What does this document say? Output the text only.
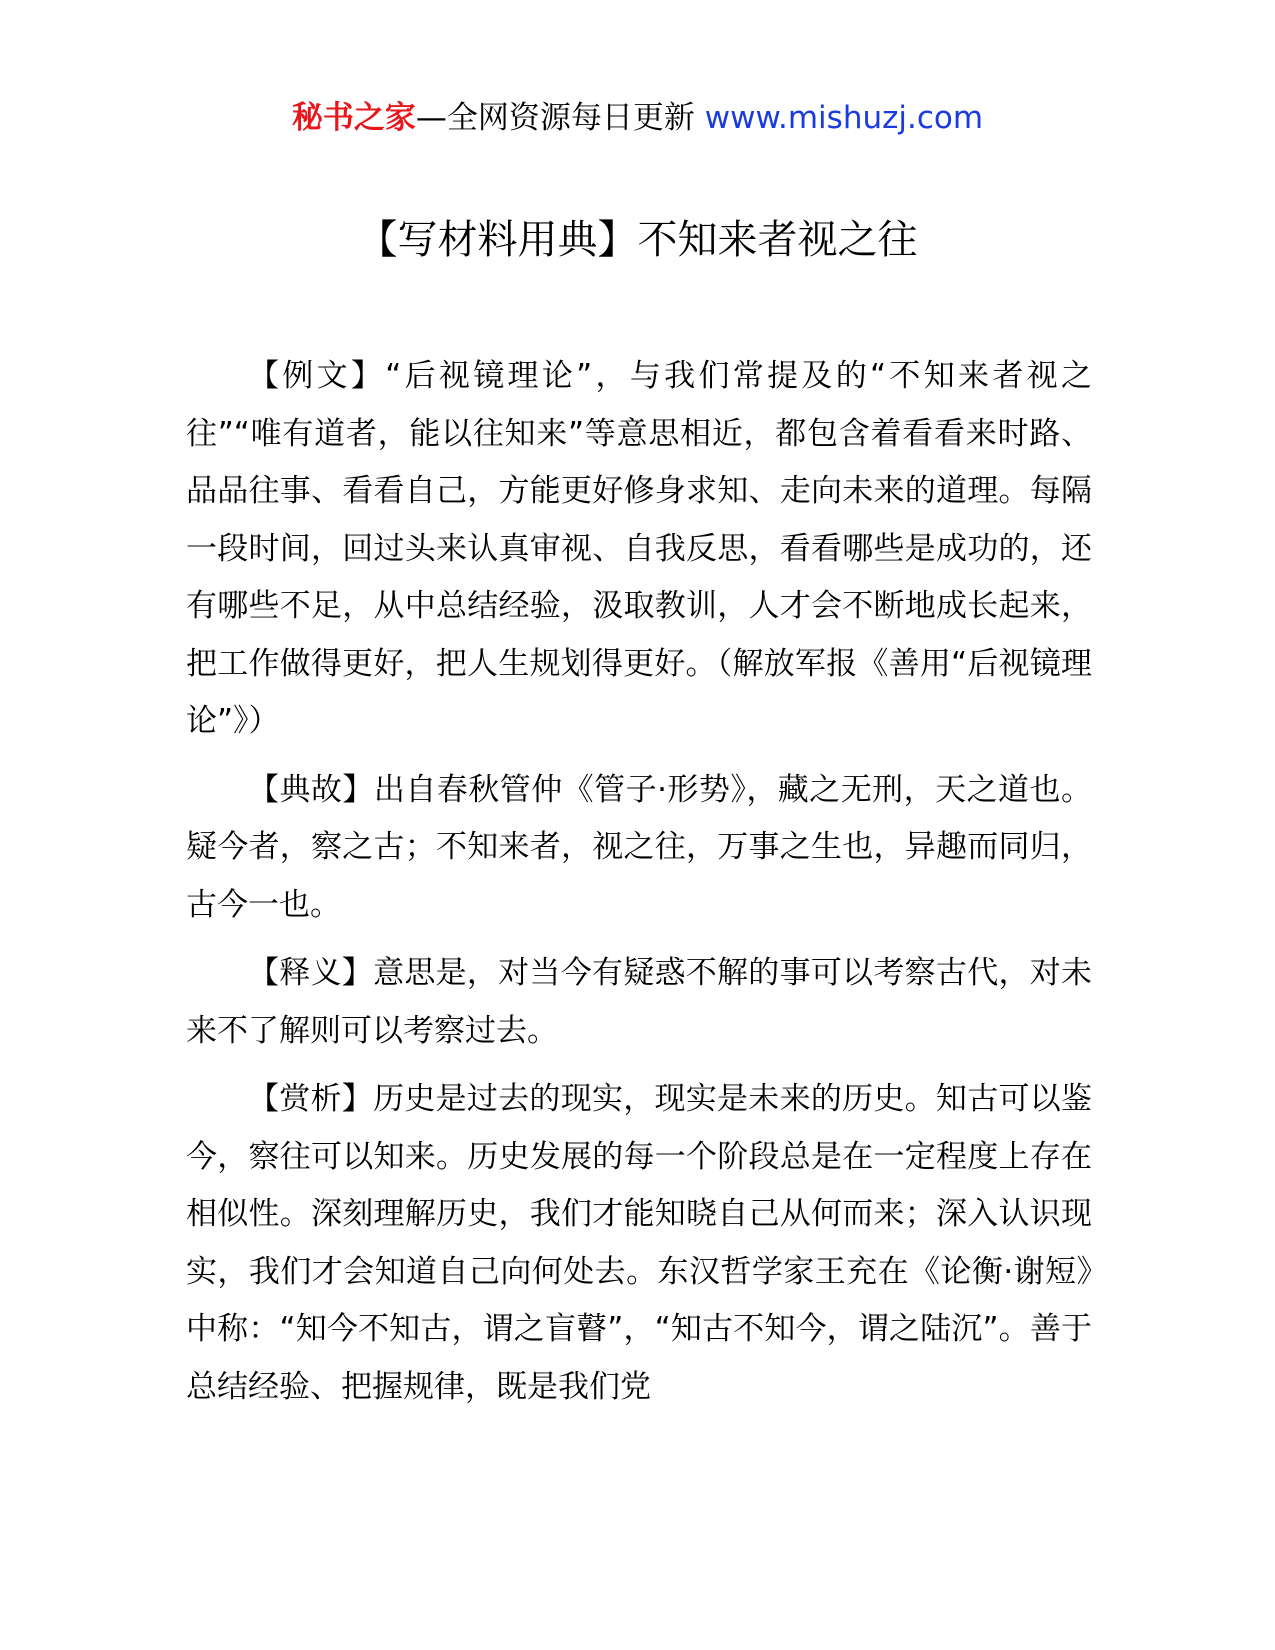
秘书之家—全网资源每日更新 www.mishuzj.com
【写材料用典】不知来者视之往

【例文】“后视镜理论”，与我们常提及的“不知来者视之往”“唯有道者，能以往知来”等意思相近，都包含着看看来时路、品品往事、看看自己，方能更好修身求知、走向未来的道理。每隔一段时间，回过头来认真审视、自我反思，看看哪些是成功的，还有哪些不足，从中总结经验，汲取教训，人才会不断地成长起来，把工作做得更好，把人生规划得更好。（解放军报《善用“后视镜理论”》）

【典故】出自春秋管仲《管子·形势》，藏之无刑，天之道也。疑今者，察之古；不知来者，视之往，万事之生也，异趣而同归，古今一也。

【释义】意思是，对当今有疑惑不解的事可以考察古代，对未来不了解则可以考察过去。

【赏析】历史是过去的现实，现实是未来的历史。知古可以鉴今，察往可以知来。历史发展的每一个阶段总是在一定程度上存在相似性。深刻理解历史，我们才能知晓自己从何而来；深入认识现实，我们才会知道自己向何处去。东汉哲学家王充在《论衡·谢短》中称：“知今不知古，谓之盲瞽”，“知古不知今，谓之陆沉”。善于总结经验、把握规律，既是我们党
